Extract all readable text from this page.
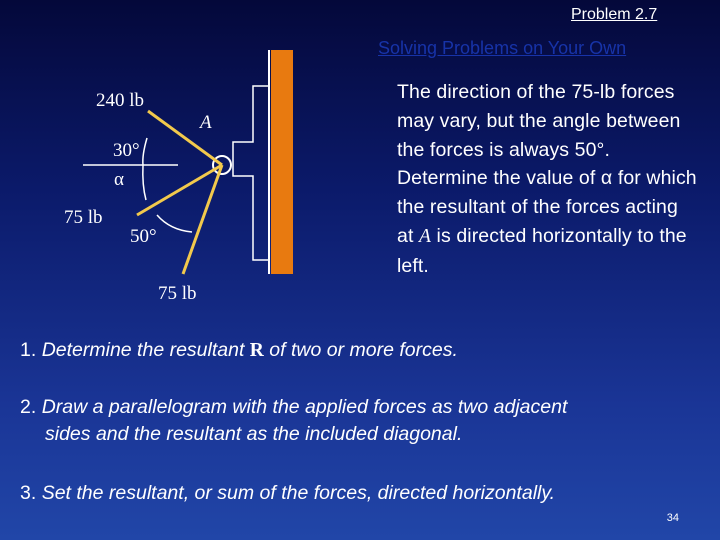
Problem 2.7
Solving Problems on Your Own
240 lb
A
30°
α
75 lb
50°
75 lb
The direction of the 75-lb forces may vary, but the angle between the forces is always 50°.  Determine the value of α for which the resultant of the forces acting at A is directed horizontally to the left.
1. Determine the resultant R of two or more forces.
2. Draw a parallelogram with the applied forces as two adjacent
sides and the resultant as the included diagonal.
3. Set the resultant, or sum of the forces, directed horizontally.
34
